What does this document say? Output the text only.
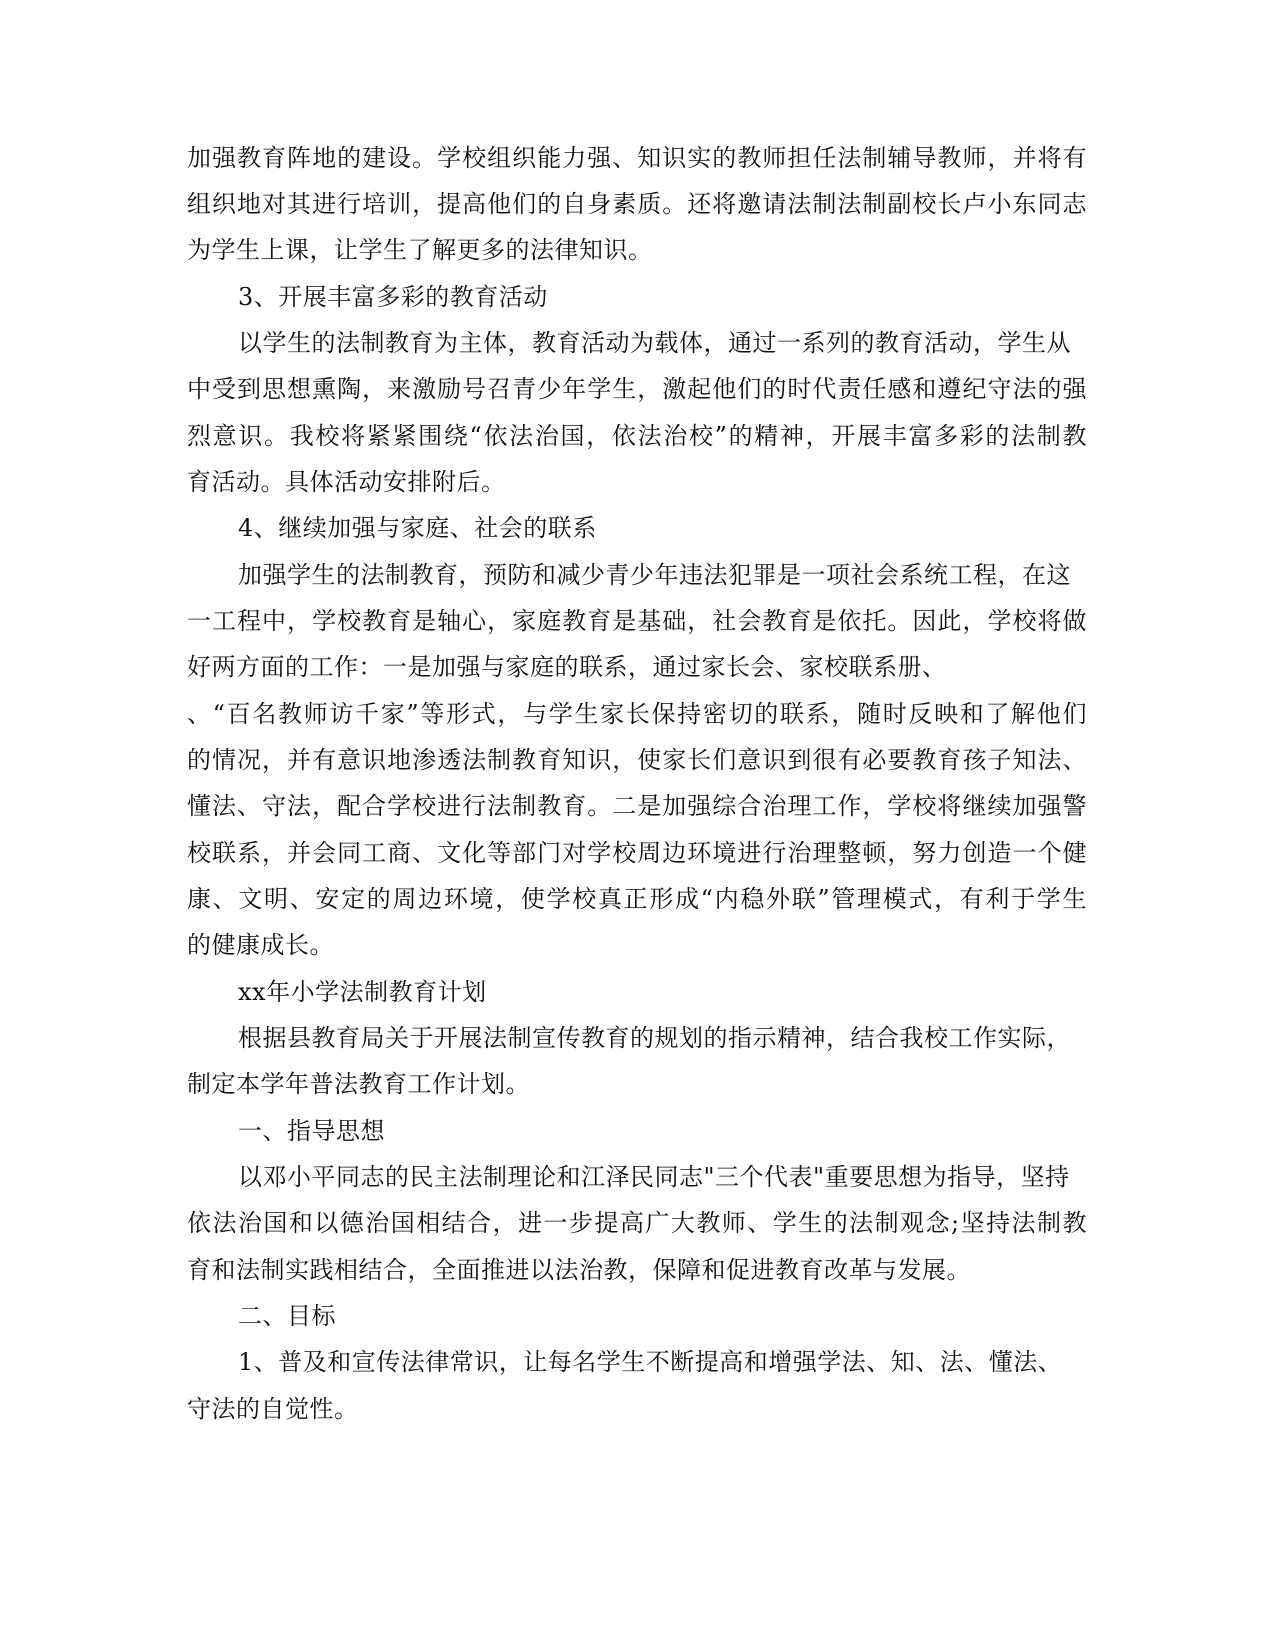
加强教育阵地的建设。学校组织能力强、知识实的教师担任法制辅导教师，并将有
组织地对其进行培训，提高他们的自身素质。还将邀请法制法制副校长卢小东同志
为学生上课，让学生了解更多的法律知识。
3、开展丰富多彩的教育活动
以学生的法制教育为主体，教育活动为载体，通过一系列的教育活动，学生从
中受到思想熏陶，来激励号召青少年学生，激起他们的时代责任感和遵纪守法的强
烈意识。我校将紧紧围绕“依法治国，依法治校”的精神，开展丰富多彩的法制教
育活动。具体活动安排附后。
4、继续加强与家庭、社会的联系
加强学生的法制教育，预防和减少青少年违法犯罪是一项社会系统工程，在这
一工程中，学校教育是轴心，家庭教育是基础，社会教育是依托。因此，学校将做
好两方面的工作：一是加强与家庭的联系，通过家长会、家校联系册、
、“百名教师访千家”等形式，与学生家长保持密切的联系，随时反映和了解他们
的情况，并有意识地渗透法制教育知识，使家长们意识到很有必要教育孩子知法、
懂法、守法，配合学校进行法制教育。二是加强综合治理工作，学校将继续加强警
校联系，并会同工商、文化等部门对学校周边环境进行治理整顿，努力创造一个健
康、文明、安定的周边环境，使学校真正形成“内稳外联”管理模式，有利于学生
的健康成长。
xx年小学法制教育计划
根据县教育局关于开展法制宣传教育的规划的指示精神，结合我校工作实际，
制定本学年普法教育工作计划。
一、指导思想
以邓小平同志的民主法制理论和江泽民同志"三个代表"重要思想为指导，坚持
依法治国和以德治国相结合，进一步提高广大教师、学生的法制观念;坚持法制教
育和法制实践相结合，全面推进以法治教，保障和促进教育改革与发展。
二、目标
1、普及和宣传法律常识，让每名学生不断提高和增强学法、知、法、懂法、
守法的自觉性。
